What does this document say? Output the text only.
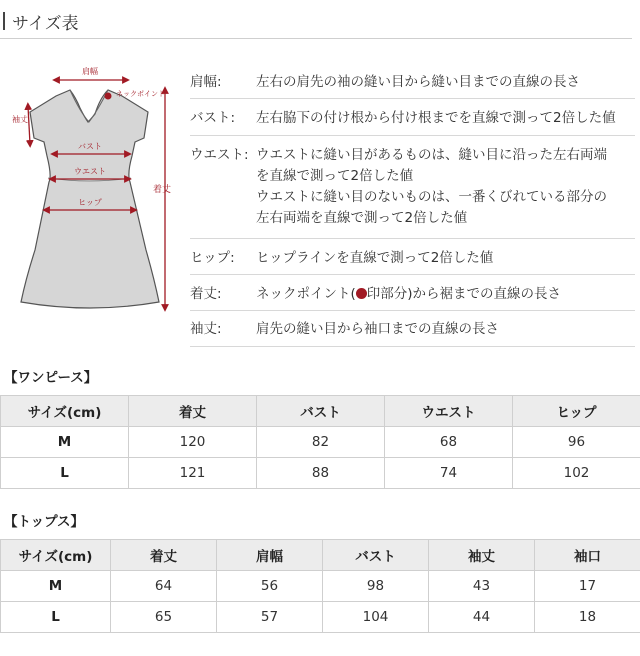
サイズ表
肩幅
ネックポイント
袖丈
バスト
ウエスト
ヒップ
着丈
肩幅:	左右の肩先の袖の縫い目から縫い目までの直線の長さ
バスト: 左右脇下の付け根から付け根までを直線で測って2倍した値
ウエスト: ウエストに縫い目があるものは、縫い目に沿った左右両端
を直線で測って2倍した値
ウエストに縫い目のないものは、一番くびれている部分の
左右両端を直線で測って2倍した値
ヒップ: ヒップラインを直線で測って2倍した値
着丈:	ネックポイント( 印部分)から裾までの直線の長さ
袖丈:	肩先の縫い目から袖口までの直線の長さ
【ワンピース】
サイズ(cm)	着丈	バスト	ウエスト	ヒップ
M	120	82	68	96
L	121	88	74	102
【トップス】
サイズ(cm)	着丈	肩幅	バスト	袖丈	袖口
M	64	56	98	43	17
L	65	57	104	44	18
